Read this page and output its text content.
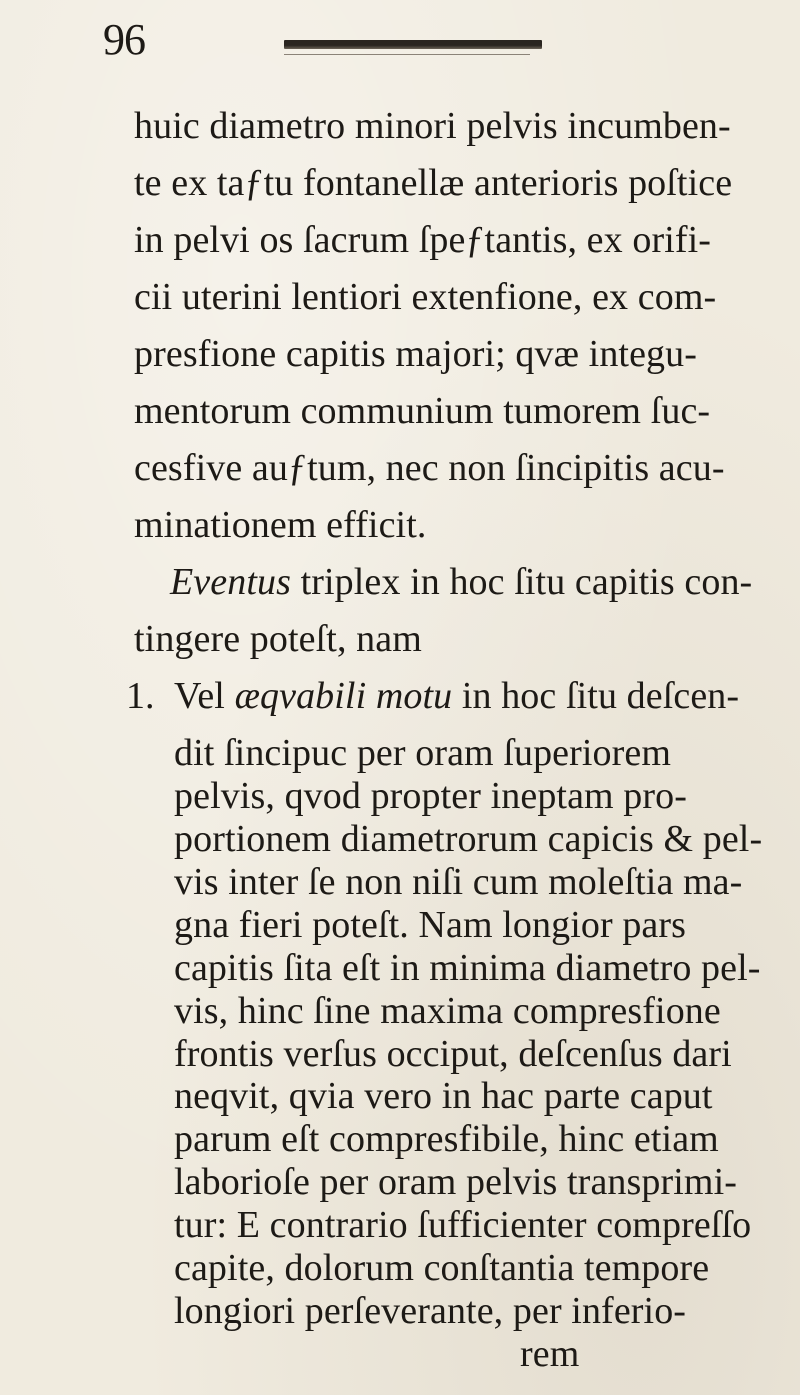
96
huic diametro minori pelvis incumben-
te ex taƒtu fontanellæ anterioris poſtice
in pelvi os ſacrum ſpeƒtantis, ex orifi-
cii uterini lentiori extenfione, ex com-
presfione capitis majori; qvæ integu-
mentorum communium tumorem ſuc-
cesfive auƒtum, nec non ſincipitis acu-
minationem efficit.
Eventus triplex in hoc ſitu capitis con-
tingere poteſt, nam
1. Vel æqvabili motu in hoc ſitu deſcen-
dit ſincipuc per oram ſuperiorem
pelvis, qvod propter ineptam pro-
portionem diametrorum capicis & pel-
vis inter ſe non niſi cum moleſtia ma-
gna fieri poteſt. Nam longior pars
capitis ſita eſt in minima diametro pel-
vis, hinc ſine maxima compresfione
frontis verſus occiput, deſcenſus dari
neqvit, qvia vero in hac parte caput
parum eſt compresfibile, hinc etiam
laborioſe per oram pelvis transprimi-
tur: E contrario ſufficienter compreſſo
capite, dolorum conſtantia tempore
longiori perſeverante, per inferio-
rem
